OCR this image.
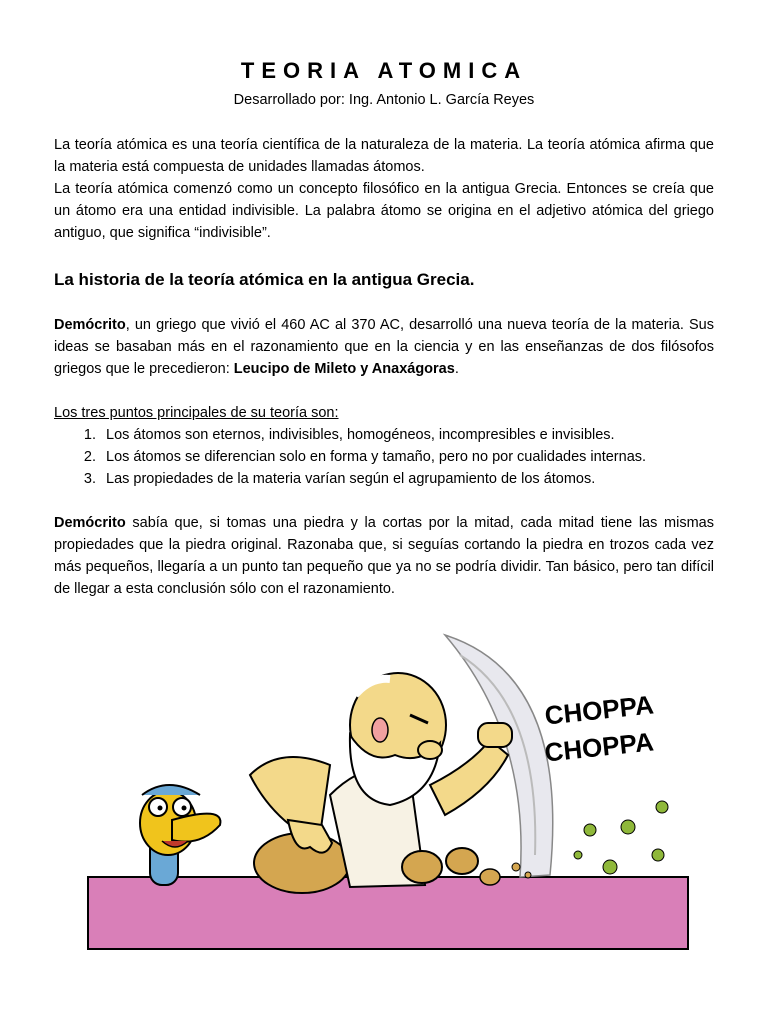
TEORIA ATOMICA
Desarrollado por: Ing. Antonio L. García Reyes

La teoría atómica es una teoría científica de la naturaleza de la materia. La teoría atómica afirma que la materia está compuesta de unidades llamadas átomos.

La teoría atómica comenzó como un concepto filosófico en la antigua Grecia. Entonces se creía que un átomo era una entidad indivisible. La palabra átomo se origina en el adjetivo atómica del griego antiguo, que significa “indivisible”.

La historia de la teoría atómica en la antigua Grecia.

Demócrito, un griego que vivió el 460 AC al 370 AC, desarrolló una nueva teoría de la materia. Sus ideas se basaban más en el razonamiento que en la ciencia y en las enseñanzas de dos filósofos griegos que le precedieron: Leucipo de Mileto y Anaxágoras.

Los tres puntos principales de su teoría son:

1. Los átomos son eternos, indivisibles, homogéneos, incompresibles e invisibles.
2. Los átomos se diferencian solo en forma y tamaño, pero no por cualidades internas.
3. Las propiedades de la materia varían según el agrupamiento de los átomos.

Demócrito sabía que, si tomas una piedra y la cortas por la mitad, cada mitad tiene las mismas propiedades que la piedra original. Razonaba que, si seguías cortando la piedra en trozos cada vez más pequeños, llegaría a un punto tan pequeño que ya no se podría dividir. Tan básico, pero tan difícil de llegar a esta conclusión sólo con el razonamiento.

CHOPPA
CHOPPA
